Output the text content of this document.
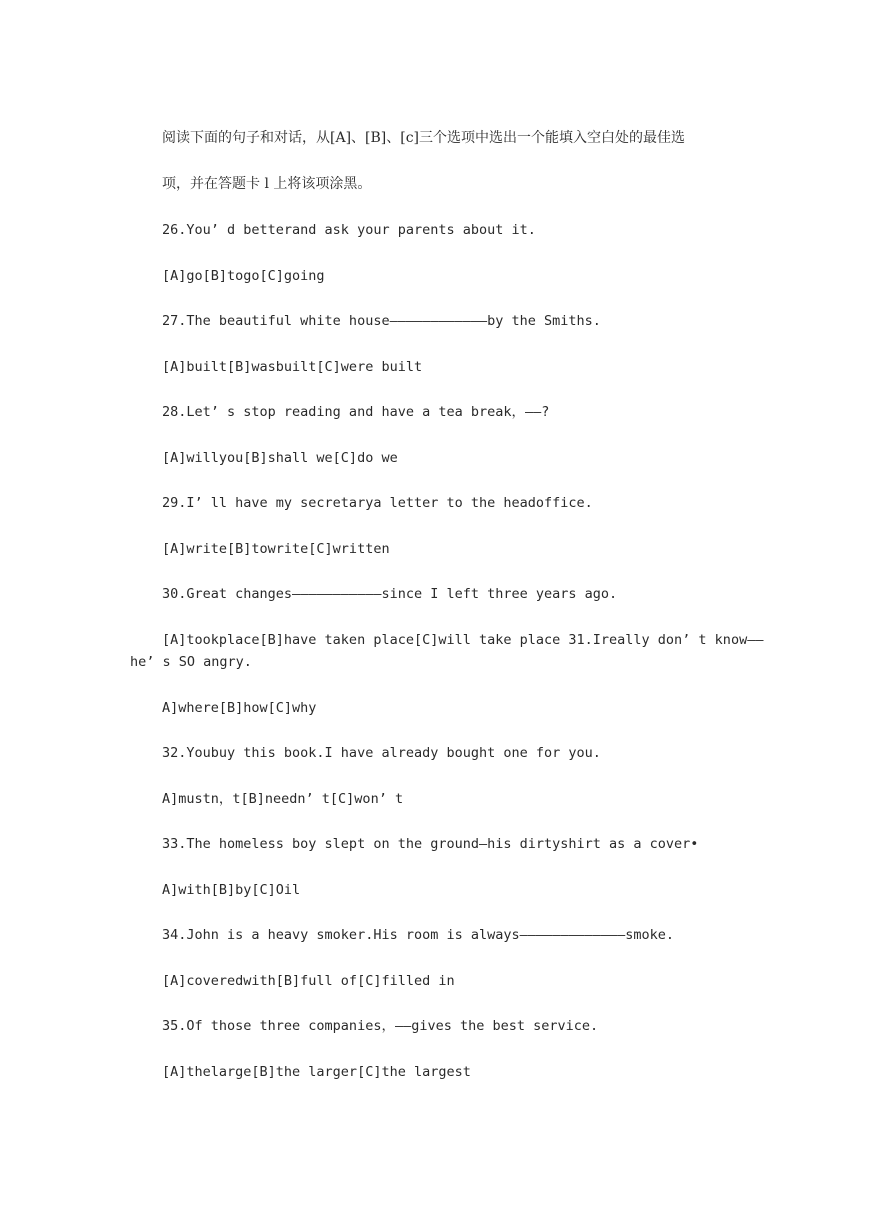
阅读下面的句子和对话，从[A]、[B]、[c]三个选项中选出一个能填入空白处的最佳选
项，并在答题卡 l 上将该项涂黑。
26.You’ d betterand ask your parents about it.
[A]go[B]togo[C]going
27.The beautiful white house————————————by the Smiths.
[A]built[B]wasbuilt[C]were built
28.Let’ s stop reading and have a tea break，——?
[A]willyou[B]shall we[C]do we
29.I’ ll have my secretarya letter to the headoffice.
[A]write[B]towrite[C]written
30.Great changes———————————since I left three years ago.
[A]tookplace[B]have taken place[C]will take place 31.Ireally don’ t know——
he’ s SO angry.
A]where[B]how[C]why
32.Youbuy this book.I have already bought one for you.
A]mustn，t[B]needn’ t[C]won’ t
33.The homeless boy slept on the ground—his dirtyshirt as a cover•
A]with[B]by[C]Oil
34.John is a heavy smoker.His room is always—————————————smoke.
[A]coveredwith[B]full of[C]filled in
35.Of those three companies，——gives the best service.
[A]thelarge[B]the larger[C]the largest
